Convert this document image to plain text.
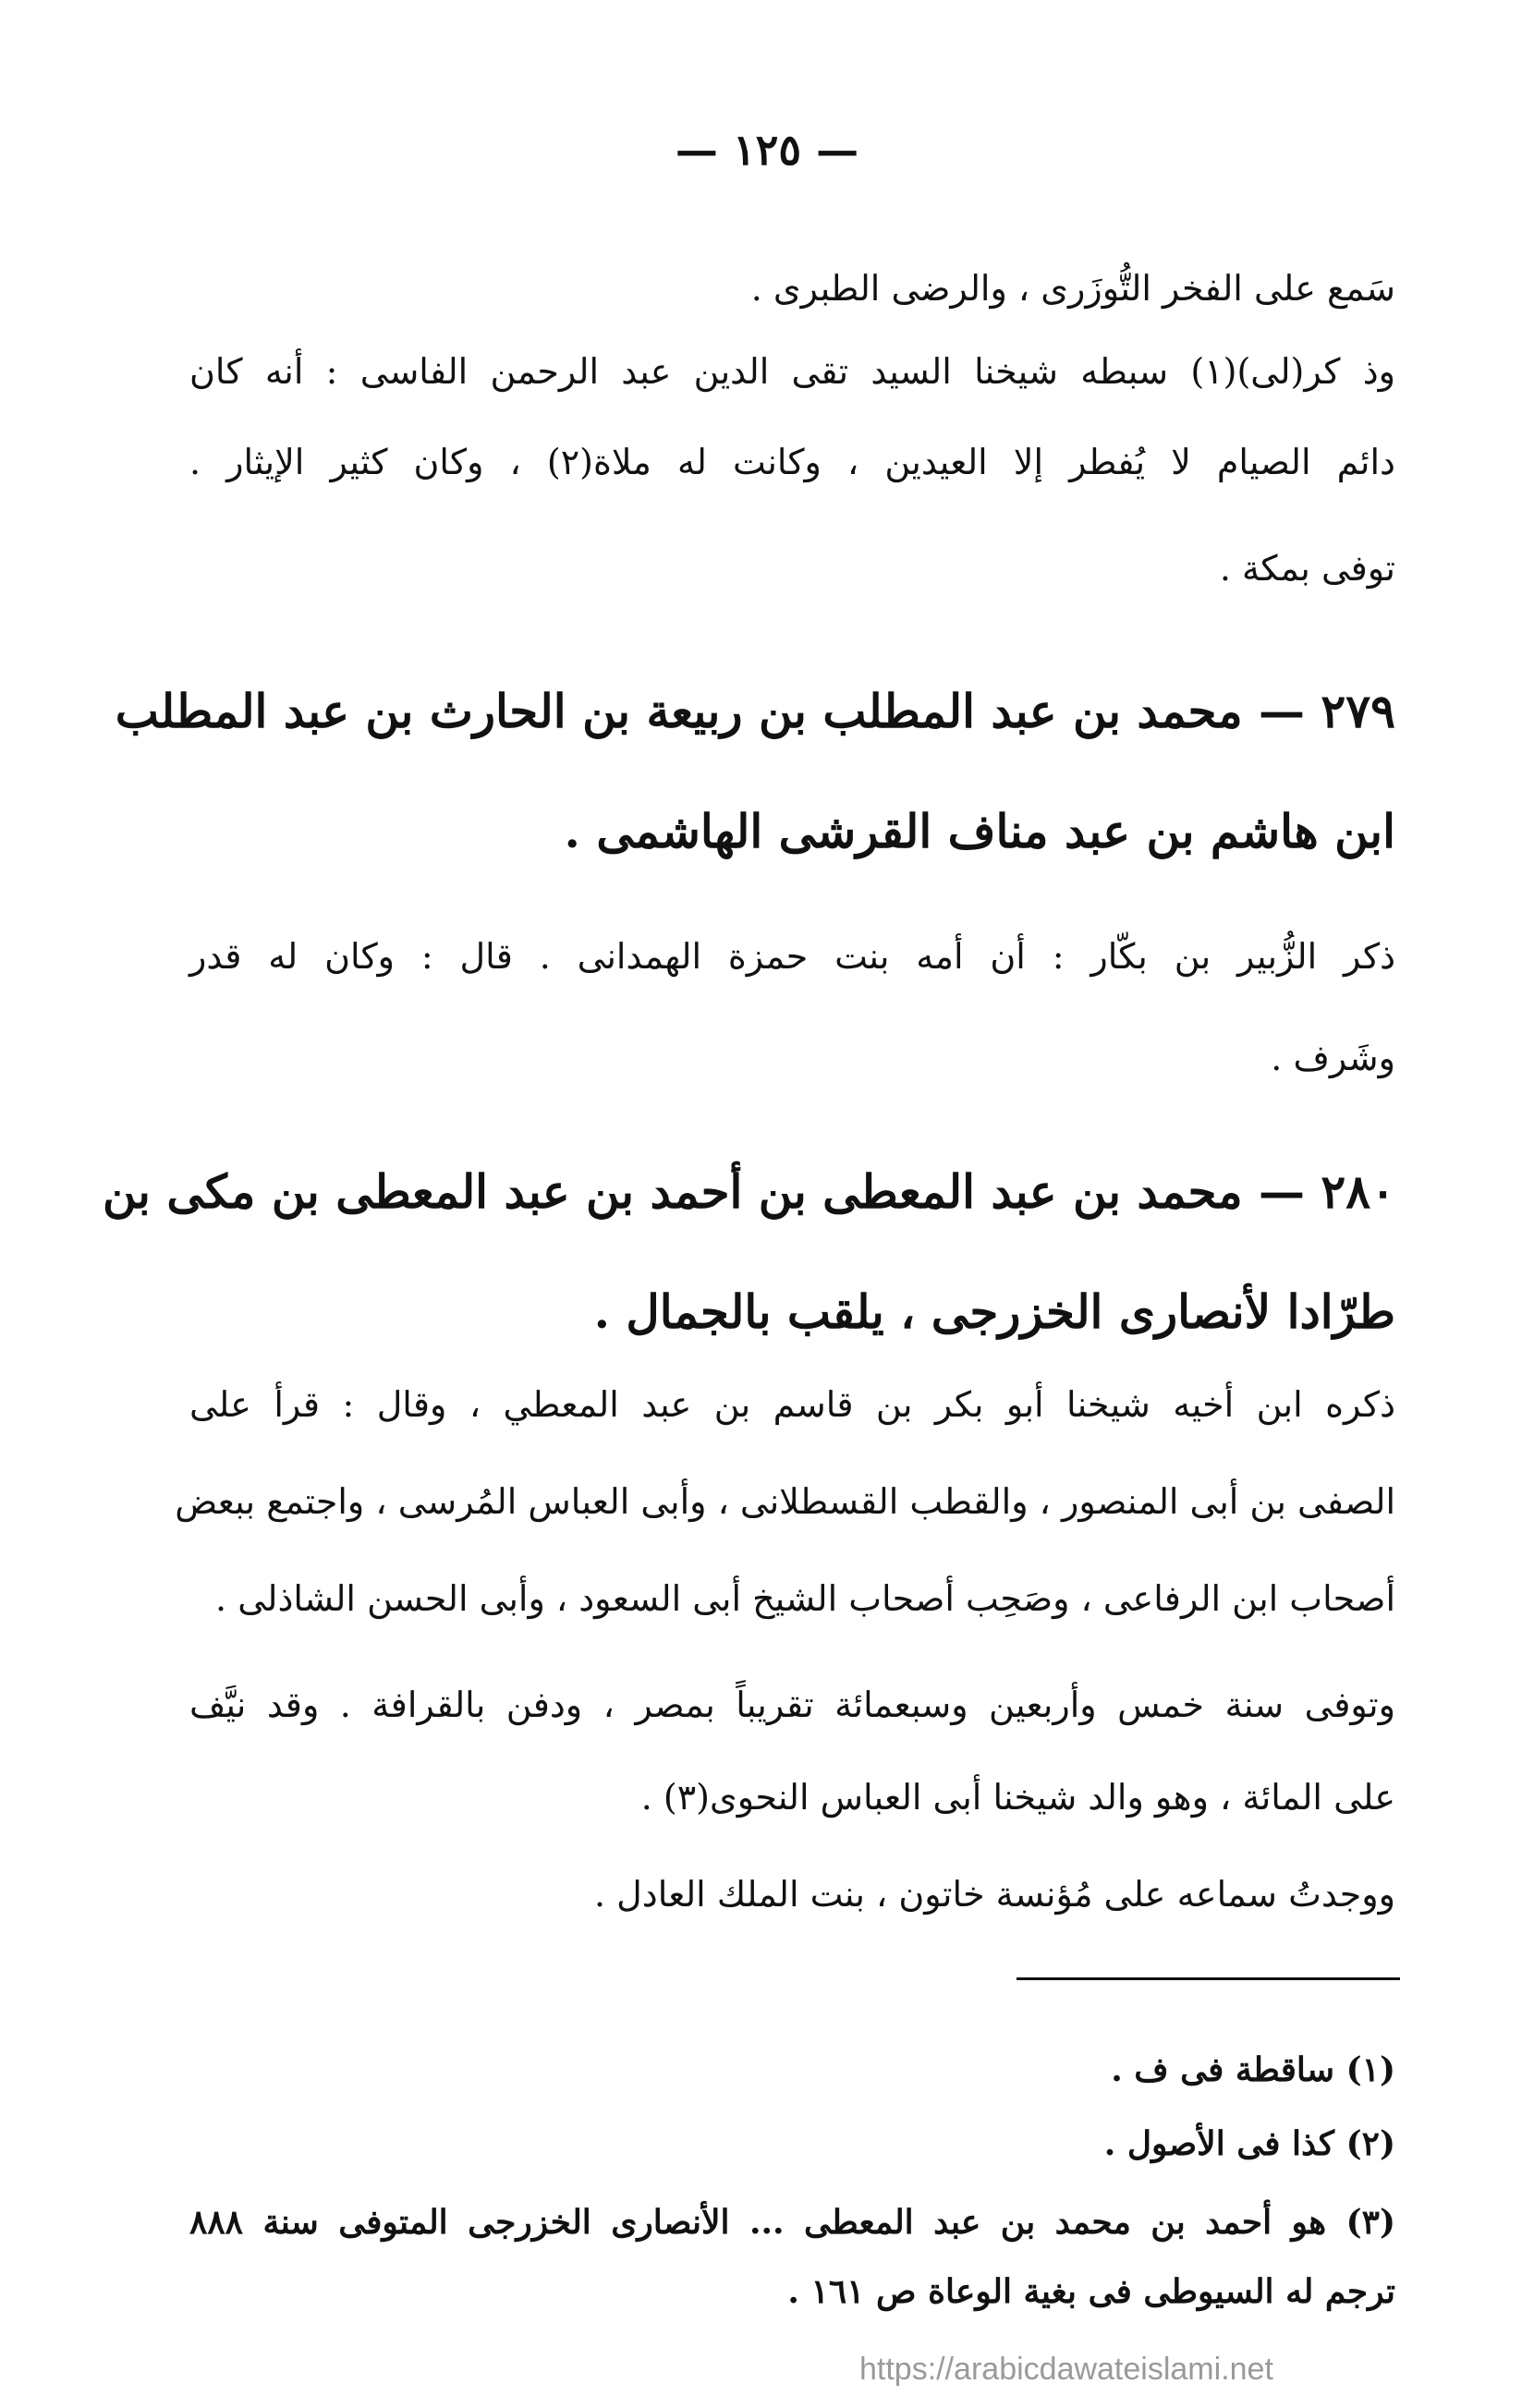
— ١٢٥ —
سَمع على الفخر التُّوزَرى ، والرضى الطبرى .
وذ كر(لى)(١) سبطه شيخنا السيد تقى الدين عبد الرحمن الفاسى : أنه كان
دائم الصيام لا يُفطر إلا العيدين ، وكانت له ملاة(٢) ، وكان كثير الإيثار .
توفى بمكة .
٢٧٩ — محمد بن عبد المطلب بن ربيعة بن الحارث بن عبد المطلب
ابن هاشم بن عبد مناف القرشى الهاشمى .
ذكر الزُّبير بن بكّار : أن أمه بنت حمزة الهمدانى . قال : وكان له قدر
وشَرف .
٢٨٠ — محمد بن عبد المعطى بن أحمد بن عبد المعطى بن مكى بن
طرّادا لأنصارى الخزرجى ، يلقب بالجمال .
ذكره ابن أخيه شيخنا أبو بكر بن قاسم بن عبد المعطي ، وقال : قرأ على
الصفى بن أبى المنصور ، والقطب القسطلانى ، وأبى العباس المُرسى ، واجتمع ببعض
أصحاب ابن الرفاعى ، وصَحِب أصحاب الشيخ أبى السعود ، وأبى الحسن الشاذلى .
وتوفى سنة خمس وأربعين وسبعمائة تقريباً بمصر ، ودفن بالقرافة . وقد نيَّف
على المائة ، وهو والد شيخنا أبى العباس النحوى(٣) .
ووجدتُ سماعه على مُؤنسة خاتون ، بنت الملك العادل .
(١) ساقطة فى ف .
(٢) كذا فى الأصول .
(٣) هو أحمد بن محمد بن عبد المعطى ... الأنصارى الخزرجى المتوفى سنة ٨٨٨
ترجم له السيوطى فى بغية الوعاة ص ١٦١ .
https://arabicdawateislami.net
